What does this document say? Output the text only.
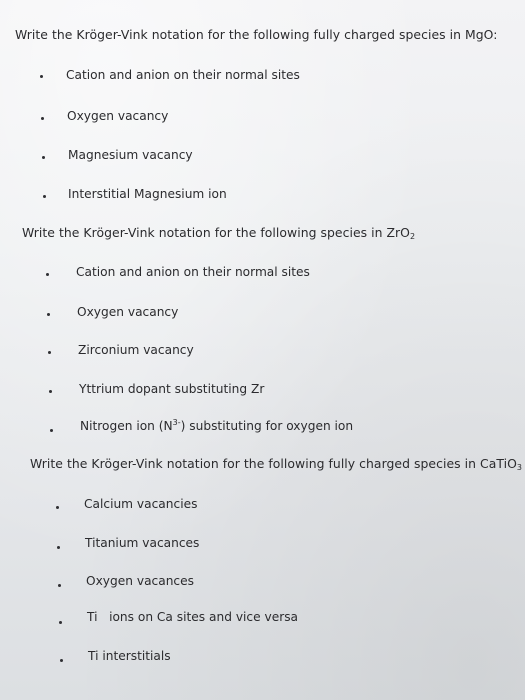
Write the Kröger-Vink notation for the following fully charged species in MgO:
Cation and anion on their normal sites
Oxygen vacancy
Magnesium vacancy
Interstitial Magnesium ion
Write the Kröger-Vink notation for the following species in ZrO$_2$
Cation and anion on their normal sites
Oxygen vacancy
Zirconium vacancy
Yttrium dopant substituting Zr
Nitrogen ion $(N^{3-})$ substituting for oxygen ion
Write the Kröger-Vink notation for the following fully charged species in CaTiO$_3$
Calcium vacancies
Titanium vacances
Oxygen vacances
Ti   ions on Ca sites and vice versa
Ti interstitials
